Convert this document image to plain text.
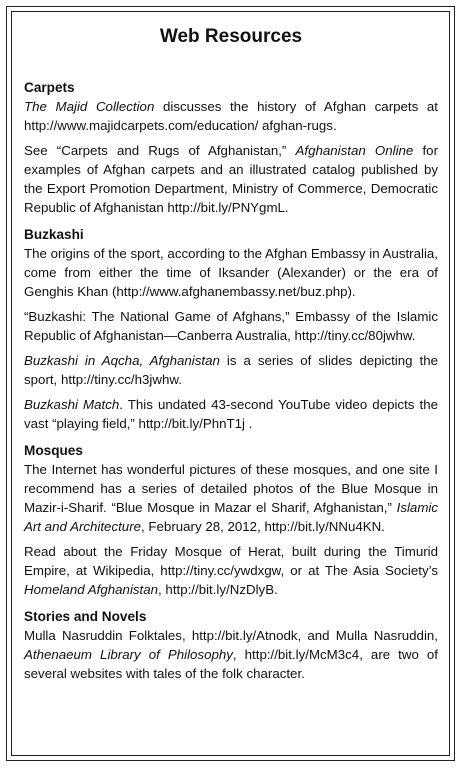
Web Resources
Carpets

The Majid Collection discusses the history of Afghan carpets at http://www.majidcarpets.com/education/ afghan-rugs.

See “Carpets and Rugs of Afghanistan,” Afghanistan Online for examples of Afghan carpets and an illustrated catalog published by the Export Promotion Department, Ministry of Commerce, Democratic Republic of Afghanistan http://bit.ly/PNYgmL.

Buzkashi

The origins of the sport, according to the Afghan Embassy in Australia, come from either the time of Iksander (Alexander) or the era of Genghis Khan (http://www.afghanembassy.net/buz.php).

“Buzkashi: The National Game of Afghans,” Embassy of the Islamic Republic of Afghanistan—Canberra Australia, http://tiny.cc/80jwhw.

Buzkashi in Aqcha, Afghanistan is a series of slides depicting the sport, http://tiny.cc/h3jwhw.

Buzkashi Match. This undated 43-second YouTube video depicts the vast “playing field,” http://bit.ly/PhnT1j .

Mosques

The Internet has wonderful pictures of these mosques, and one site I recommend has a series of detailed photos of the Blue Mosque in Mazir-i-Sharif. “Blue Mosque in Mazar el Sharif, Afghanistan,” Islamic Art and Architecture, February 28, 2012, http://bit.ly/NNu4KN.

Read about the Friday Mosque of Herat, built during the Timurid Empire, at Wikipedia, http://tiny.cc/ywdxgw, or at The Asia Society’s Homeland Afghanistan, http://bit.ly/NzDlyB.

Stories and Novels

Mulla Nasruddin Folktales, http://bit.ly/Atnodk, and Mulla Nasruddin, Athenaeum Library of Philosophy, http://bit.ly/McM3c4, are two of several websites with tales of the folk character.
